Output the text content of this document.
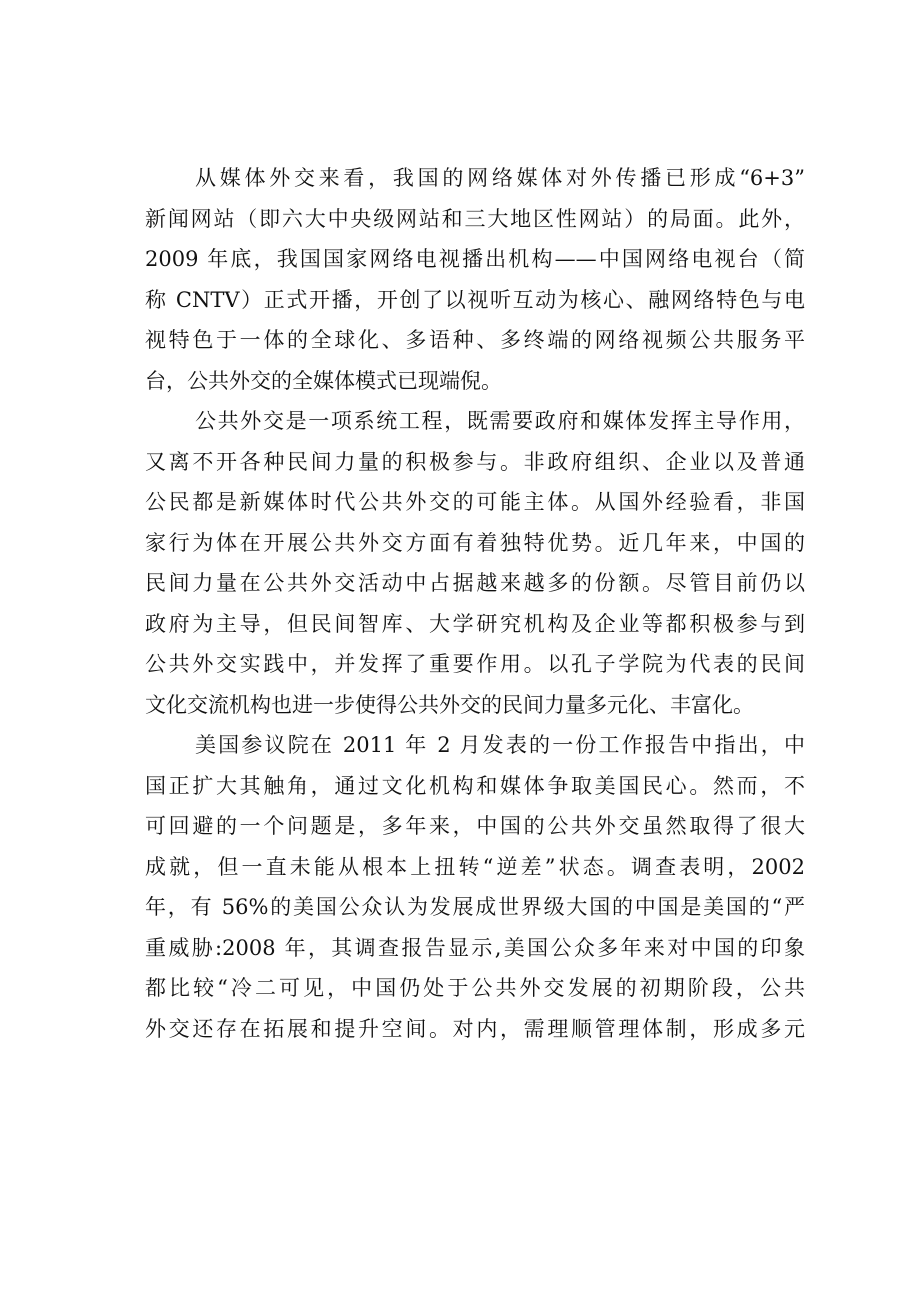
从媒体外交来看，我国的网络媒体对外传播已形成“6+3”
新闻网站（即六大中央级网站和三大地区性网站）的局面。此外，
2009 年底，我国国家网络电视播出机构——中国网络电视台（简
称 CNTV）正式开播，开创了以视听互动为核心、融网络特色与电
视特色于一体的全球化、多语种、多终端的网络视频公共服务平
台，公共外交的全媒体模式已现端倪。
公共外交是一项系统工程，既需要政府和媒体发挥主导作用，
又离不开各种民间力量的积极参与。非政府组织、企业以及普通
公民都是新媒体时代公共外交的可能主体。从国外经验看，非国
家行为体在开展公共外交方面有着独特优势。近几年来，中国的
民间力量在公共外交活动中占据越来越多的份额。尽管目前仍以
政府为主导，但民间智库、大学研究机构及企业等都积极参与到
公共外交实践中，并发挥了重要作用。以孔子学院为代表的民间
文化交流机构也进一步使得公共外交的民间力量多元化、丰富化。
美国参议院在 2011 年 2 月发表的一份工作报告中指出，中
国正扩大其触角，通过文化机构和媒体争取美国民心。然而，不
可回避的一个问题是，多年来，中国的公共外交虽然取得了很大
成就，但一直未能从根本上扭转“逆差”状态。调查表明，2002
年，有 56%的美国公众认为发展成世界级大国的中国是美国的“严
重威胁:2008 年，其调查报告显示,美国公众多年来对中国的印象
都比较“冷二可见，中国仍处于公共外交发展的初期阶段，公共
外交还存在拓展和提升空间。对内，需理顺管理体制，形成多元
